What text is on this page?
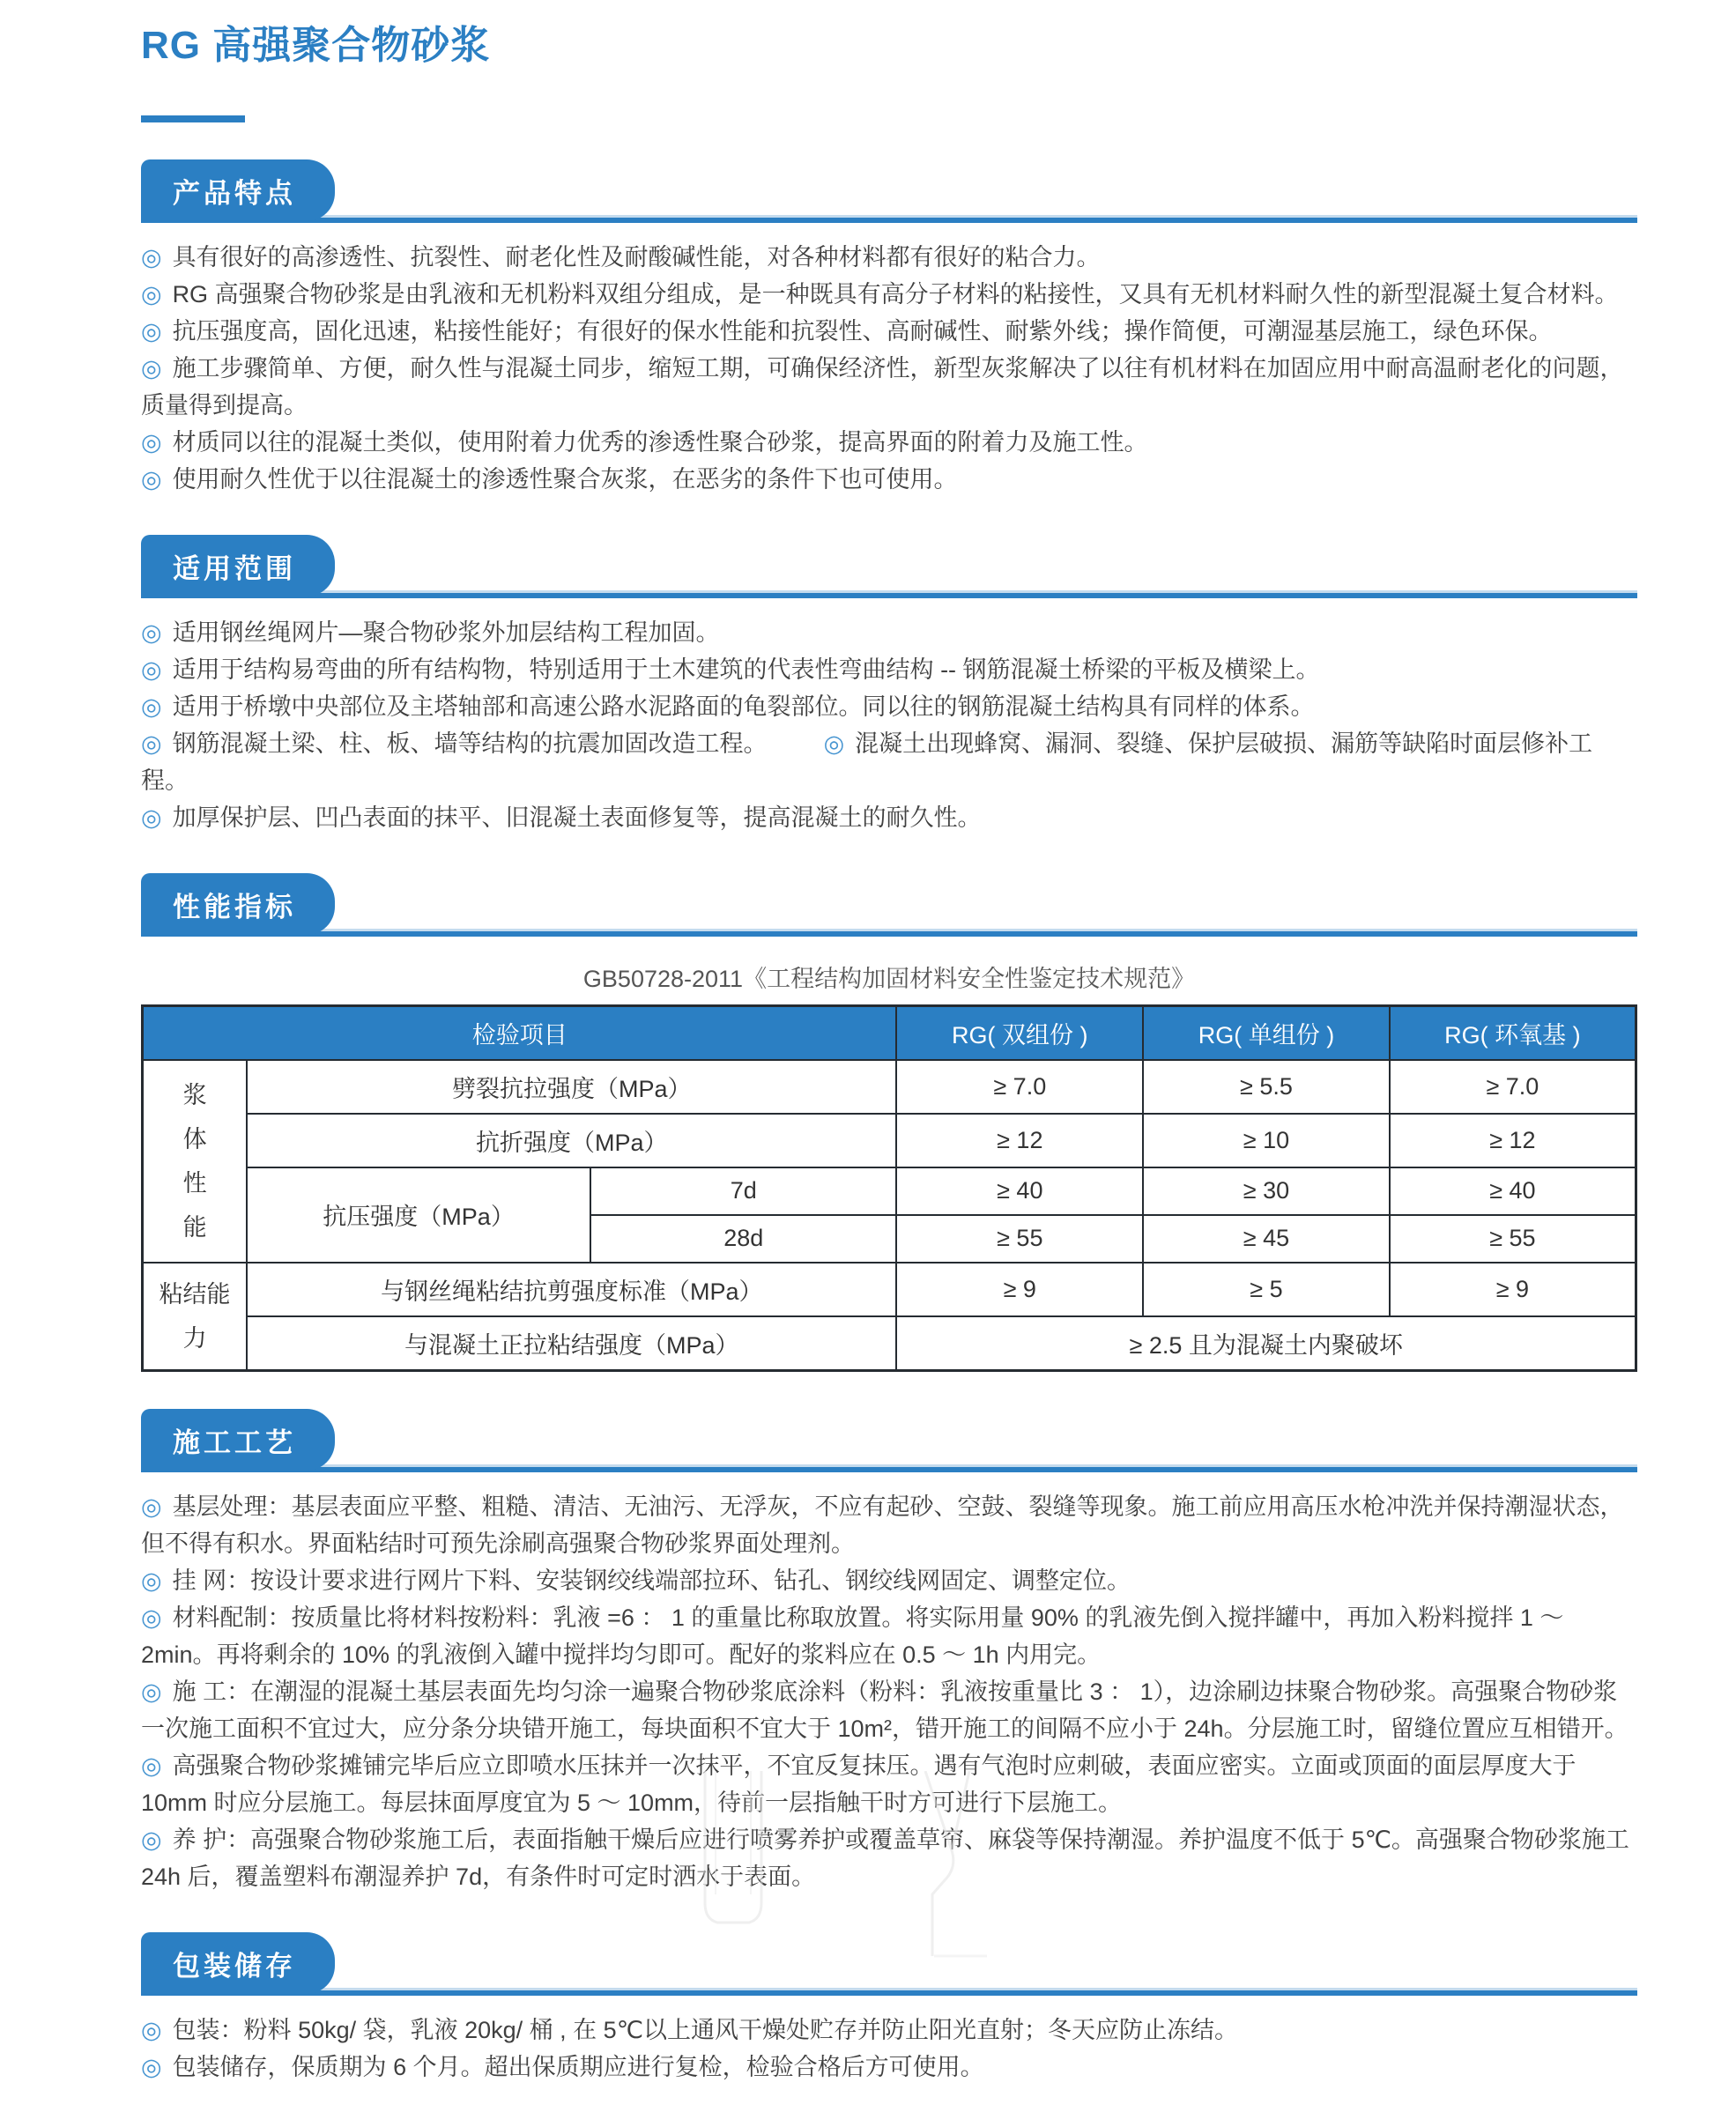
RG 高强聚合物砂浆
产品特点
◎ 具有很好的高渗透性、抗裂性、耐老化性及耐酸碱性能，对各种材料都有很好的粘合力。
◎ RG 高强聚合物砂浆是由乳液和无机粉料双组分组成，是一种既具有高分子材料的粘接性，又具有无机材料耐久性的新型混凝土复合材料。
◎ 抗压强度高，固化迅速，粘接性能好；有很好的保水性能和抗裂性、高耐碱性、耐紫外线；操作简便，可潮湿基层施工，绿色环保。
◎ 施工步骤简单、方便，耐久性与混凝土同步，缩短工期，可确保经济性，新型灰浆解决了以往有机材料在加固应用中耐高温耐老化的问题，质量得到提高。
◎ 材质同以往的混凝土类似，使用附着力优秀的渗透性聚合砂浆，提高界面的附着力及施工性。
◎ 使用耐久性优于以往混凝土的渗透性聚合灰浆，在恶劣的条件下也可使用。
适用范围
◎ 适用钢丝绳网片—聚合物砂浆外加层结构工程加固。
◎ 适用于结构易弯曲的所有结构物，特别适用于土木建筑的代表性弯曲结构 -- 钢筋混凝土桥梁的平板及横梁上。
◎ 适用于桥墩中央部位及主塔轴部和高速公路水泥路面的龟裂部位。同以往的钢筋混凝土结构具有同样的体系。
◎ 钢筋混凝土梁、柱、板、墙等结构的抗震加固改造工程。 ◎ 混凝土出现蜂窝、漏洞、裂缝、保护层破损、漏筋等缺陷时面层修补工程。
◎ 加厚保护层、凹凸表面的抹平、旧混凝土表面修复等，提高混凝土的耐久性。
性能指标
GB50728-2011《工程结构加固材料安全性鉴定技术规范》
检验项目			RG( 双组份 )	RG( 单组份 )	RG( 环氧基 )

浆
体
性
能	劈裂抗拉强度（MPa）		≥ 7.0	≥ 5.5	≥ 7.0
	抗折强度（MPa）		≥ 12	≥ 10	≥ 12
	抗压强度（MPa）	7d	≥ 40	≥ 30	≥ 40
		28d	≥ 55	≥ 45	≥ 55

粘结能
力	与钢丝绳粘结抗剪强度标准（MPa）		≥ 9	≥ 5	≥ 9
	与混凝土正拉粘结强度（MPa）		≥ 2.5 且为混凝土内聚破坏		
施工工艺
◎ 基层处理：基层表面应平整、粗糙、清洁、无油污、无浮灰，不应有起砂、空鼓、裂缝等现象。施工前应用高压水枪冲洗并保持潮湿状态，但不得有积水。界面粘结时可预先涂刷高强聚合物砂浆界面处理剂。
◎ 挂 网：按设计要求进行网片下料、安装钢绞线端部拉环、钻孔、钢绞线网固定、调整定位。
◎ 材料配制：按质量比将材料按粉料：乳液 =6 ： 1 的重量比称取放置。将实际用量 90% 的乳液先倒入搅拌罐中，再加入粉料搅拌 1 ～ 2min。再将剩余的 10% 的乳液倒入罐中搅拌均匀即可。配好的浆料应在 0.5 ～ 1h 内用完。
◎ 施 工：在潮湿的混凝土基层表面先均匀涂一遍聚合物砂浆底涂料（粉料：乳液按重量比 3 ： 1），边涂刷边抹聚合物砂浆。高强聚合物砂浆一次施工面积不宜过大，应分条分块错开施工，每块面积不宜大于 10m²，错开施工的间隔不应小于 24h。分层施工时，留缝位置应互相错开。
◎ 高强聚合物砂浆摊铺完毕后应立即喷水压抹并一次抹平，不宜反复抹压。遇有气泡时应刺破，表面应密实。立面或顶面的面层厚度大于 10mm 时应分层施工。每层抹面厚度宜为 5 ～ 10mm，待前一层指触干时方可进行下层施工。
◎ 养 护：高强聚合物砂浆施工后，表面指触干燥后应进行喷雾养护或覆盖草帘、麻袋等保持潮湿。养护温度不低于 5℃。高强聚合物砂浆施工 24h 后，覆盖塑料布潮湿养护 7d，有条件时可定时洒水于表面。
包装储存
◎ 包装：粉料 50kg/ 袋，乳液 20kg/ 桶 , 在 5℃以上通风干燥处贮存并防止阳光直射；冬天应防止冻结。
◎ 包装储存，保质期为 6 个月。超出保质期应进行复检，检验合格后方可使用。
